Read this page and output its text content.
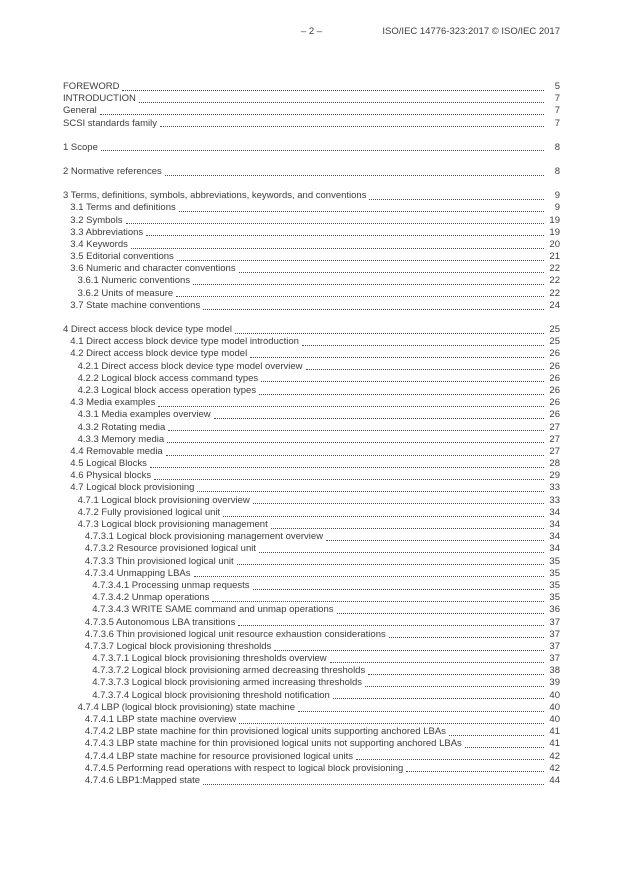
– 2 –	ISO/IEC 14776-323:2017 © ISO/IEC 2017
FOREWORD	5
INTRODUCTION	7
General	7
SCSI standards family	7
1 Scope	8
2 Normative references	8
3 Terms, definitions, symbols, abbreviations, keywords, and conventions	9
3.1 Terms and definitions	9
3.2 Symbols	19
3.3 Abbreviations	19
3.4 Keywords	20
3.5 Editorial conventions	21
3.6 Numeric and character conventions	22
3.6.1 Numeric conventions	22
3.6.2 Units of measure	22
3.7 State machine conventions	24
4 Direct access block device type model	25
4.1 Direct access block device type model introduction	25
4.2 Direct access block device type model	26
4.2.1 Direct access block device type model overview	26
4.2.2 Logical block access command types	26
4.2.3 Logical block access operation types	26
4.3 Media examples	26
4.3.1 Media examples overview	26
4.3.2 Rotating media	27
4.3.3 Memory media	27
4.4 Removable media	27
4.5 Logical Blocks	28
4.6 Physical blocks	29
4.7 Logical block provisioning	33
4.7.1 Logical block provisioning overview	33
4.7.2 Fully provisioned logical unit	34
4.7.3 Logical block provisioning management	34
4.7.3.1 Logical block provisioning management overview	34
4.7.3.2 Resource provisioned logical unit	34
4.7.3.3 Thin provisioned logical unit	35
4.7.3.4 Unmapping LBAs	35
4.7.3.4.1 Processing unmap requests	35
4.7.3.4.2 Unmap operations	35
4.7.3.4.3 WRITE SAME command and unmap operations	36
4.7.3.5 Autonomous LBA transitions	37
4.7.3.6 Thin provisioned logical unit resource exhaustion considerations	37
4.7.3.7 Logical block provisioning thresholds	37
4.7.3.7.1 Logical block provisioning thresholds overview	37
4.7.3.7.2 Logical block provisioning armed decreasing thresholds	38
4.7.3.7.3 Logical block provisioning armed increasing thresholds	39
4.7.3.7.4 Logical block provisioning threshold notification	40
4.7.4 LBP (logical block provisioning) state machine	40
4.7.4.1 LBP state machine overview	40
4.7.4.2 LBP state machine for thin provisioned logical units supporting anchored LBAs	41
4.7.4.3 LBP state machine for thin provisioned logical units not supporting anchored LBAs	41
4.7.4.4 LBP state machine for resource provisioned logical units	42
4.7.4.5 Performing read operations with respect to logical block provisioning	42
4.7.4.6 LBP1:Mapped state	44
